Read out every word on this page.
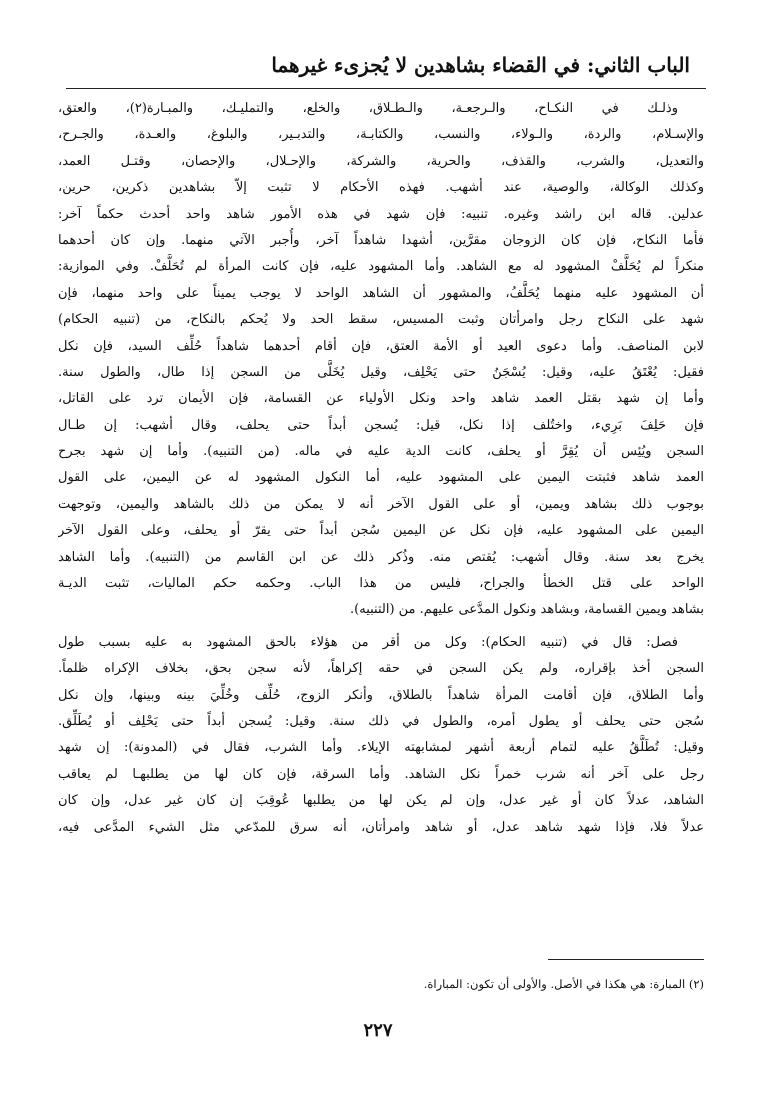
الباب الثاني: في القضاء بشاهدين لا يُجزىء غيرهما
وذلـك في النكـاح، والـرجعـة، والـطـلاق، والخلع، والتمليـك، والمبـارة(٢)، والعتق،
والإسـلام، والردة، والـولاء، والنسب، والكتابـة، والتدبـير، والبلوغ، والعـدة، والجـرح،
والتعديل، والشرب، والقذف، والحرية، والشركة، والإحـلال، والإحصان، وقتـل العمد،
وكذلك الوكالة، والوصية، عند أشهب. فهذه الأحكام لا تثبت إلاّ بشاهدين ذكرين، حرين،
عدلين. قاله ابن راشد وغيره. تنبيه: فإن شهد في هذه الأمور شاهد واحد أحدث حكماً آخر:
فأما النكاح، فإن كان الزوجان مقرَّين، أشهدا شاهداً آخر، وأُجبر الآتي منهما. وإن كان أحدهما
منكراً لم يُحَلَّفْ المشهود له مع الشاهد. وأما المشهود عليه، فإن كانت المرأة لم تُحَلَّفْ. وفي الموازية:
أن المشهود عليه منهما يُحَلَّفُ، والمشهور أن الشاهد الواحد لا يوجب يميناً على واحد منهما، فإن
شهد على النكاح رجل وامرأتان وثبت المسيس، سقط الحد ولا يُحكم بالنكاح، من (تنبيه الحكام)
لابن المناصف. وأما دعوى العيد أو الأمة العتق، فإن أقام أحدهما شاهداً حُلِّف السيد، فإن نكل
فقيل: يُعْتَقُ عليه، وقيل: يُسْجَنُ حتى يَحْلِف، وقيل يُخَلَّى من السجن إذا طال، والطول سنة.
وأما إن شهد بقتل العمد شاهد واحد ونكل الأولياء عن القسامة، فإن الأيمان ترد على القاتل،
فإن حَلِفَ بَرِيء، واختُلف إذا نكل، قيل: يُسجن أبداً حتى يحلف، وقال أشهب: إن طـال
السجن ويُئِس أن يُقِرَّ أو يحلف، كانت الدية عليه في ماله. (من التنبيه). وأما إن شهد بجرح
العمد شاهد فثبتت اليمين على المشهود عليه، أما النكول المشهود له عن اليمين، على القول
بوجوب ذلك بشاهد ويمين، أو على القول الآخر أنه لا يمكن من ذلك بالشاهد واليمين، وتوجهت
اليمين على المشهود عليه، فإن نكل عن اليمين سُجن أبداً حتى يقرّ أو يحلف، وعلى القول الآخر
يخرج بعد سنة. وقال أشهب: يُقتص منه. وذُكر ذلك عن ابن القاسم من (التنبيه). وأما الشاهد
الواحد على قتل الخطأ والجراح، فليس من هذا الباب. وحكمه حكم الماليات، تثبت الديـة
بشاهد ويمين القسامة، وبشاهد ونكول المدَّعى عليهم. من (التنبيه).
فصل: قال في (تنبيه الحكام): وكل من أقر من هؤلاء بالحق المشهود به عليه بسبب طول
السجن أخذ بإقراره، ولم يكن السجن في حقه إكراهاً، لأنه سجن بحق، بخلاف الإكراه ظلماً.
وأما الطلاق، فإن أقامت المرأة شاهداً بالطلاق، وأنكر الزوج، حُلِّف وخُلِّيَ بينه وبينها، وإن نكل
سُجن حتى يحلف أو يطول أمره، والطول في ذلك سنة. وقيل: يُسجن أبداً حتى يَحْلِف أو يُطَلِّق.
وقيل: تُطَلَّقُ عليه لتمام أربعة أشهر لمشابهته الإيلاء. وأما الشرب، فقال في (المدونة): إن شهد
رجل على آخر أنه شرب خمراً نكل الشاهد. وأما السرقة، فإن كان لها من يطلبهـا لم يعاقب
الشاهد، عدلاً كان أو غير عدل، وإن لم يكن لها من يطلبها عُوقِبَ إن كان غير عدل، وإن كان
عدلاً فلا، فإذا شهد شاهد عدل، أو شاهد وامرأتان، أنه سرق للمدّعي مثل الشيء المدَّعى فيه،
(٢) المبارة: هي هكذا في الأصل. والأولى أن تكون: المباراة.
٢٢٧
